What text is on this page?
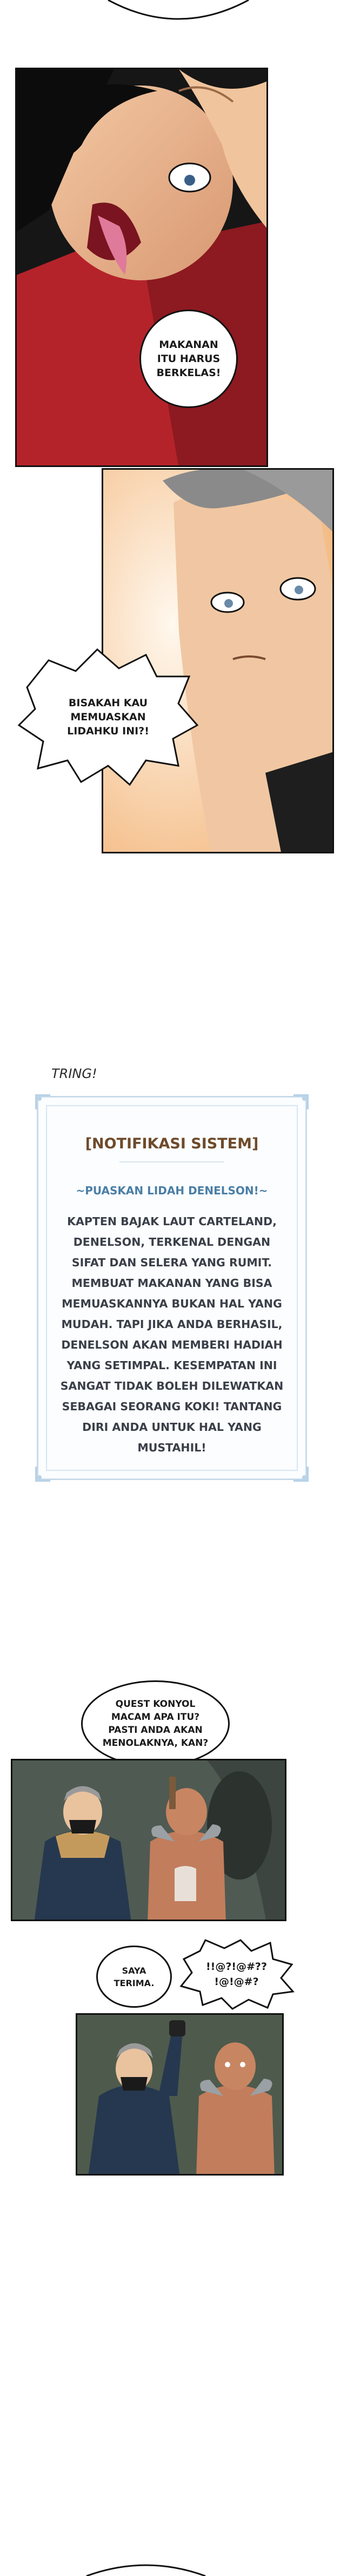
MAKANAN ITU HARUS BERKELAS!
BISAKAH KAU MEMUASKAN LIDAHKU INI?!
TRING!
[NOTIFIKASI SISTEM]
~PUASKAN LIDAH DENELSON!~
KAPTEN BAJAK LAUT CARTELAND, DENELSON, TERKENAL DENGAN SIFAT DAN SELERA YANG RUMIT. MEMBUAT MAKANAN YANG BISA MEMUASKANNYA BUKAN HAL YANG MUDAH. TAPI JIKA ANDA BERHASIL, DENELSON AKAN MEMBERI HADIAH YANG SETIMPAL. KESEMPATAN INI SANGAT TIDAK BOLEH DILEWATKAN SEBAGAI SEORANG KOKI! TANTANG DIRI ANDA UNTUK HAL YANG MUSTAHIL!
QUEST KONYOL MACAM APA ITU? PASTI ANDA AKAN MENOLAKNYA, KAN?
SAYA TERIMA.
!!@?!@#??
!@!@#?
